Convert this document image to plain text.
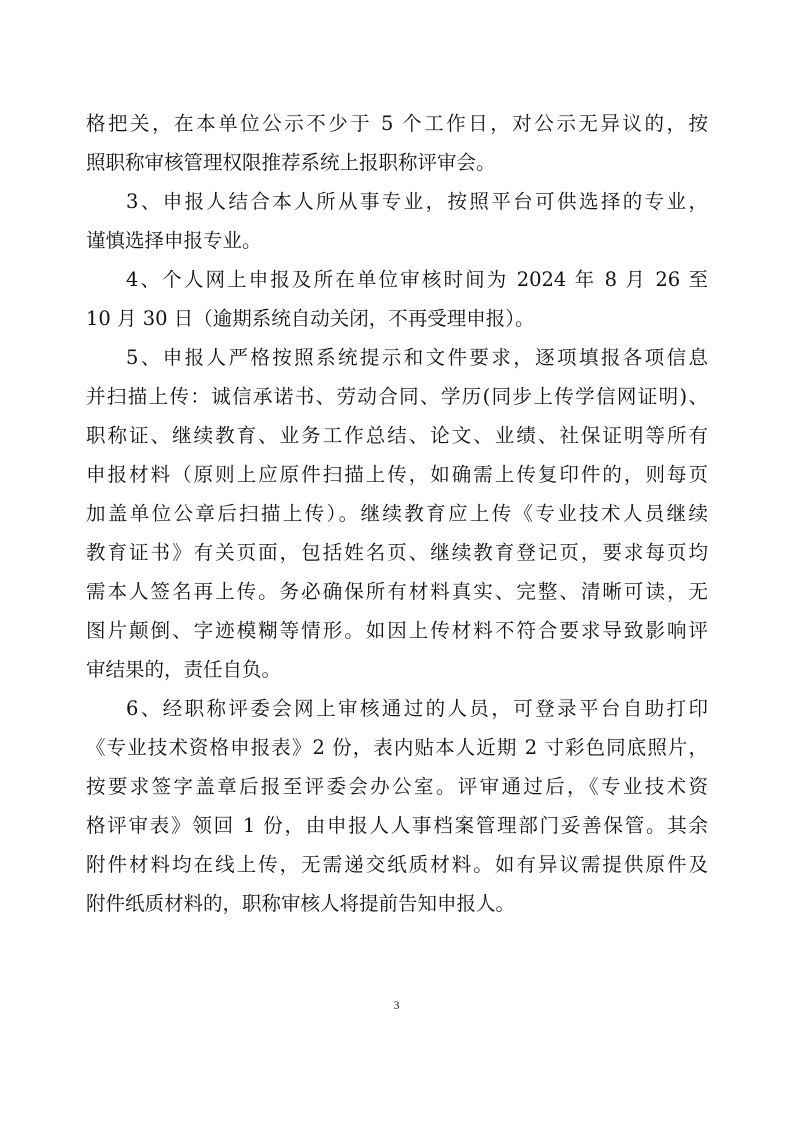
格把关，在本单位公示不少于 5 个工作日，对公示无异议的，按
照职称审核管理权限推荐系统上报职称评审会。
3、申报人结合本人所从事专业，按照平台可供选择的专业，
谨慎选择申报专业。
4、个人网上申报及所在单位审核时间为 2024 年 8 月 26 至
10 月 30 日（逾期系统自动关闭，不再受理申报）。
5、申报人严格按照系统提示和文件要求，逐项填报各项信息
并扫描上传：诚信承诺书、劳动合同、学历(同步上传学信网证明)、
职称证、继续教育、业务工作总结、论文、业绩、社保证明等所有
申报材料（原则上应原件扫描上传，如确需上传复印件的，则每页
加盖单位公章后扫描上传）。继续教育应上传《专业技术人员继续
教育证书》有关页面，包括姓名页、继续教育登记页，要求每页均
需本人签名再上传。务必确保所有材料真实、完整、清晰可读，无
图片颠倒、字迹模糊等情形。如因上传材料不符合要求导致影响评
审结果的，责任自负。
6、经职称评委会网上审核通过的人员，可登录平台自助打印
《专业技术资格申报表》2 份，表内贴本人近期 2 寸彩色同底照片，
按要求签字盖章后报至评委会办公室。评审通过后，《专业技术资
格评审表》领回 1 份，由申报人人事档案管理部门妥善保管。其余
附件材料均在线上传，无需递交纸质材料。如有异议需提供原件及
附件纸质材料的，职称审核人将提前告知申报人。
3
